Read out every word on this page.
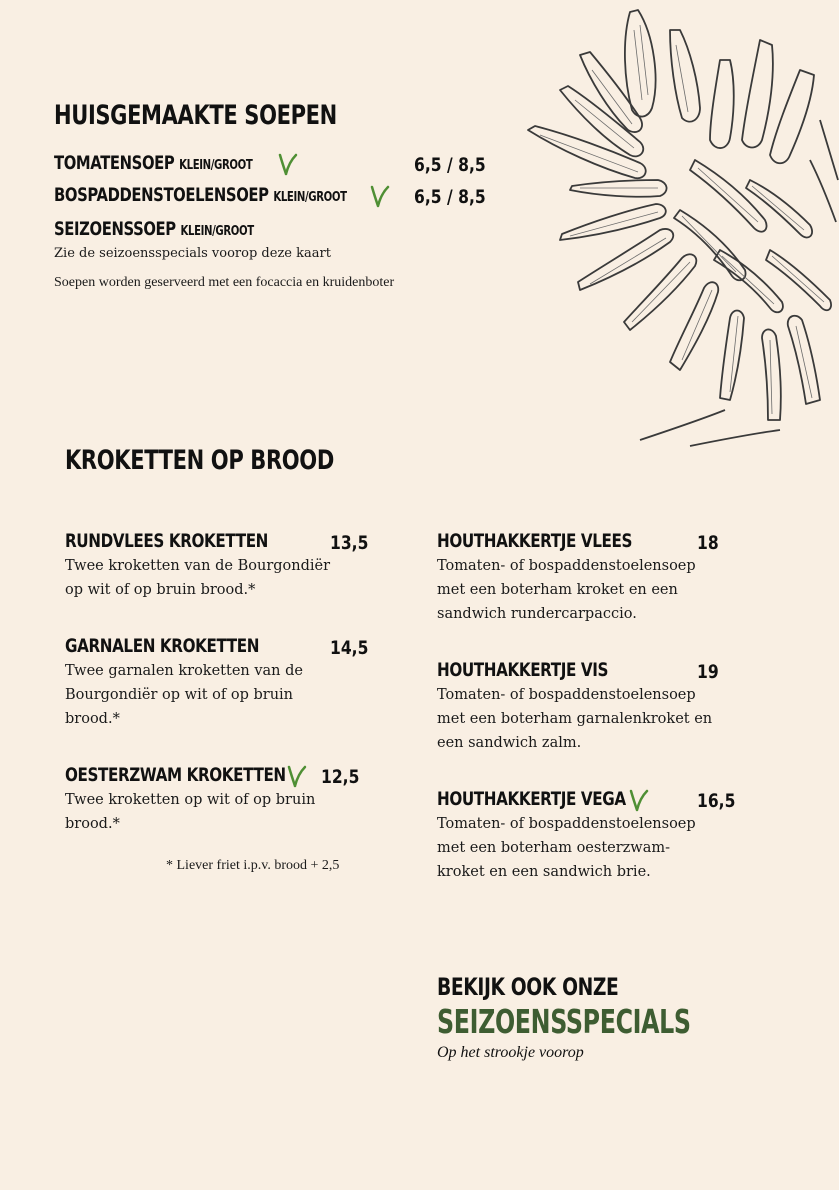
HUISGEMAAKTE SOEPEN
TOMATENSOEP KLEIN/GROOT	6,5 / 8,5
BOSPADDENSTOELENSOEP KLEIN/GROOT	6,5 / 8,5
SEIZOENSSOEP KLEIN/GROOT
Zie de seizoensspecials voorop deze kaart
Soepen worden geserveerd met een focaccia en kruidenboter
KROKETTEN OP BROOD
RUNDVLEES KROKETTEN	13,5
Twee kroketten van de Bourgondiër
op wit of op bruin brood.*
GARNALEN KROKETTEN	14,5
Twee garnalen kroketten van de
Bourgondiër op wit of op bruin
brood.*
OESTERZWAM KROKETTEN	12,5
Twee kroketten op wit of op bruin
brood.*
* Liever friet i.p.v. brood + 2,5
HOUTHAKKERTJE VLEES	18
Tomaten- of bospaddenstoelensoep
met een boterham kroket en een
sandwich rundercarpaccio.
HOUTHAKKERTJE VIS	19
Tomaten- of bospaddenstoelensoep
met een boterham garnalenkroket en
een sandwich zalm.
HOUTHAKKERTJE VEGA	16,5
Tomaten- of bospaddenstoelensoep
met een boterham oesterzwam-
kroket en een sandwich brie.
BEKIJK OOK ONZE
SEIZOENSSPECIALS
Op het strookje voorop
